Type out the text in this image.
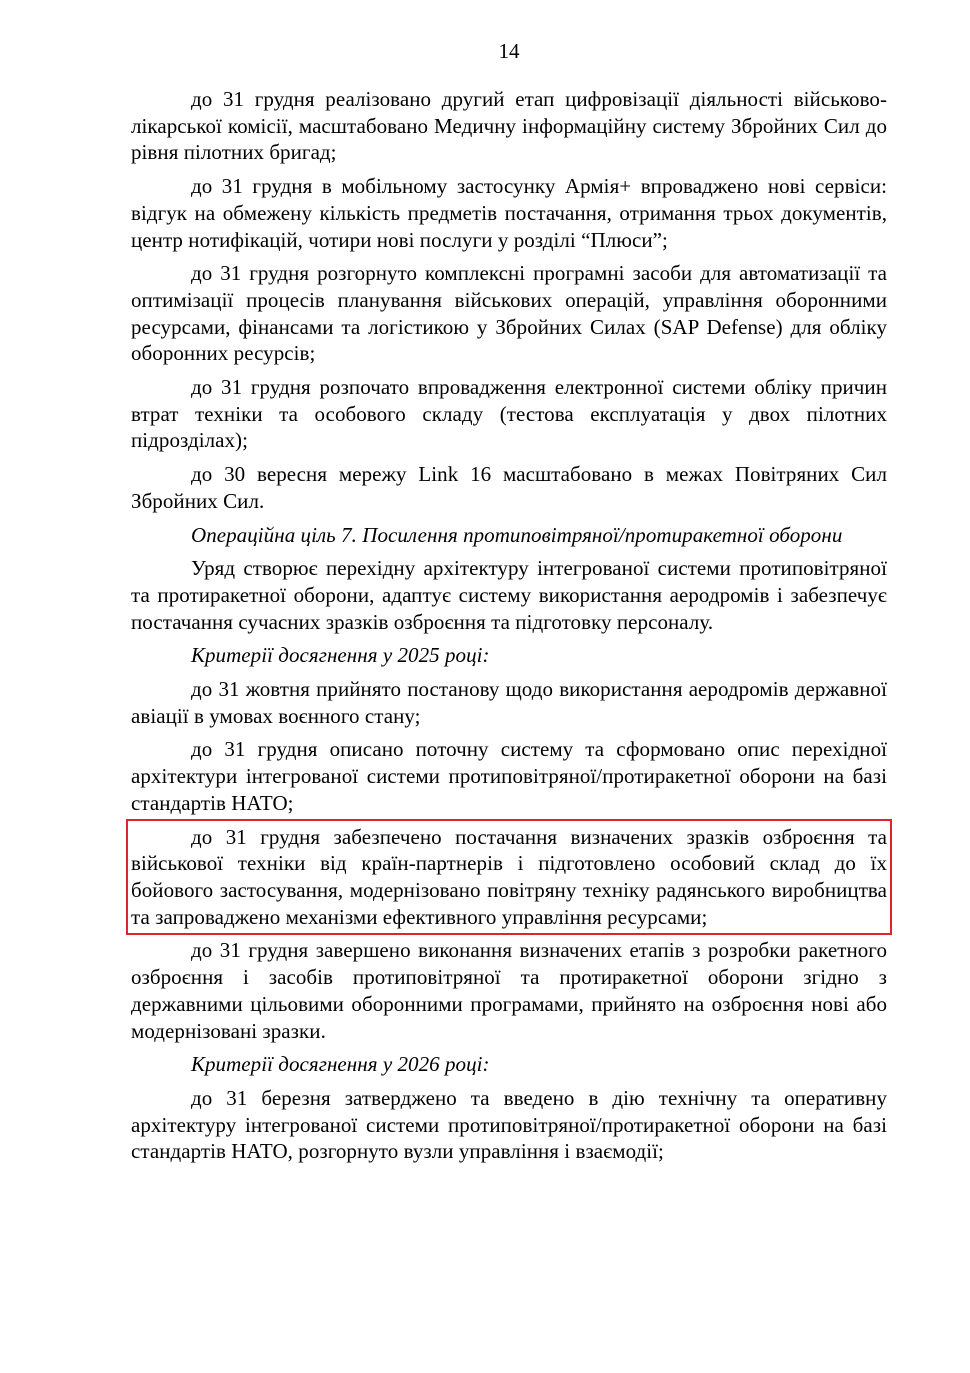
14

до 31 грудня реалізовано другий етап цифровізації діяльності військово-лікарської комісії, масштабовано Медичну інформаційну систему Збройних Сил до рівня пілотних бригад;

до 31 грудня в мобільному застосунку Армія+ впроваджено нові сервіси: відгук на обмежену кількість предметів постачання, отримання трьох документів, центр нотифікацій, чотири нові послуги у розділі “Плюси”;

до 31 грудня розгорнуто комплексні програмні засоби для автоматизації та оптимізації процесів планування військових операцій, управління оборонними ресурсами, фінансами та логістикою у Збройних Силах (SAP Defense) для обліку оборонних ресурсів;

до 31 грудня розпочато впровадження електронної системи обліку причин втрат техніки та особового складу (тестова експлуатація у двох пілотних підрозділах);

до 30 вересня мережу Link 16 масштабовано в межах Повітряних Сил Збройних Сил.

Операційна ціль 7. Посилення протиповітряної/протиракетної оборони

Уряд створює перехідну архітектуру інтегрованої системи протиповітряної та протиракетної оборони, адаптує систему використання аеродромів і забезпечує постачання сучасних зразків озброєння та підготовку персоналу.

Критерії досягнення у 2025 році:

до 31 жовтня прийнято постанову щодо використання аеродромів державної авіації в умовах воєнного стану;

до 31 грудня описано поточну систему та сформовано опис перехідної архітектури інтегрованої системи протиповітряної/протиракетної оборони на базі стандартів НАТО;

до 31 грудня забезпечено постачання визначених зразків озброєння та військової техніки від країн-партнерів і підготовлено особовий склад до їх бойового застосування, модернізовано повітряну техніку радянського виробництва та запроваджено механізми ефективного управління ресурсами;

до 31 грудня завершено виконання визначених етапів з розробки ракетного озброєння і засобів протиповітряної та протиракетної оборони згідно з державними цільовими оборонними програмами, прийнято на озброєння нові або модернізовані зразки.

Критерії досягнення у 2026 році:

до 31 березня затверджено та введено в дію технічну та оперативну архітектуру інтегрованої системи протиповітряної/протиракетної оборони на базі стандартів НАТО, розгорнуто вузли управління і взаємодії;
